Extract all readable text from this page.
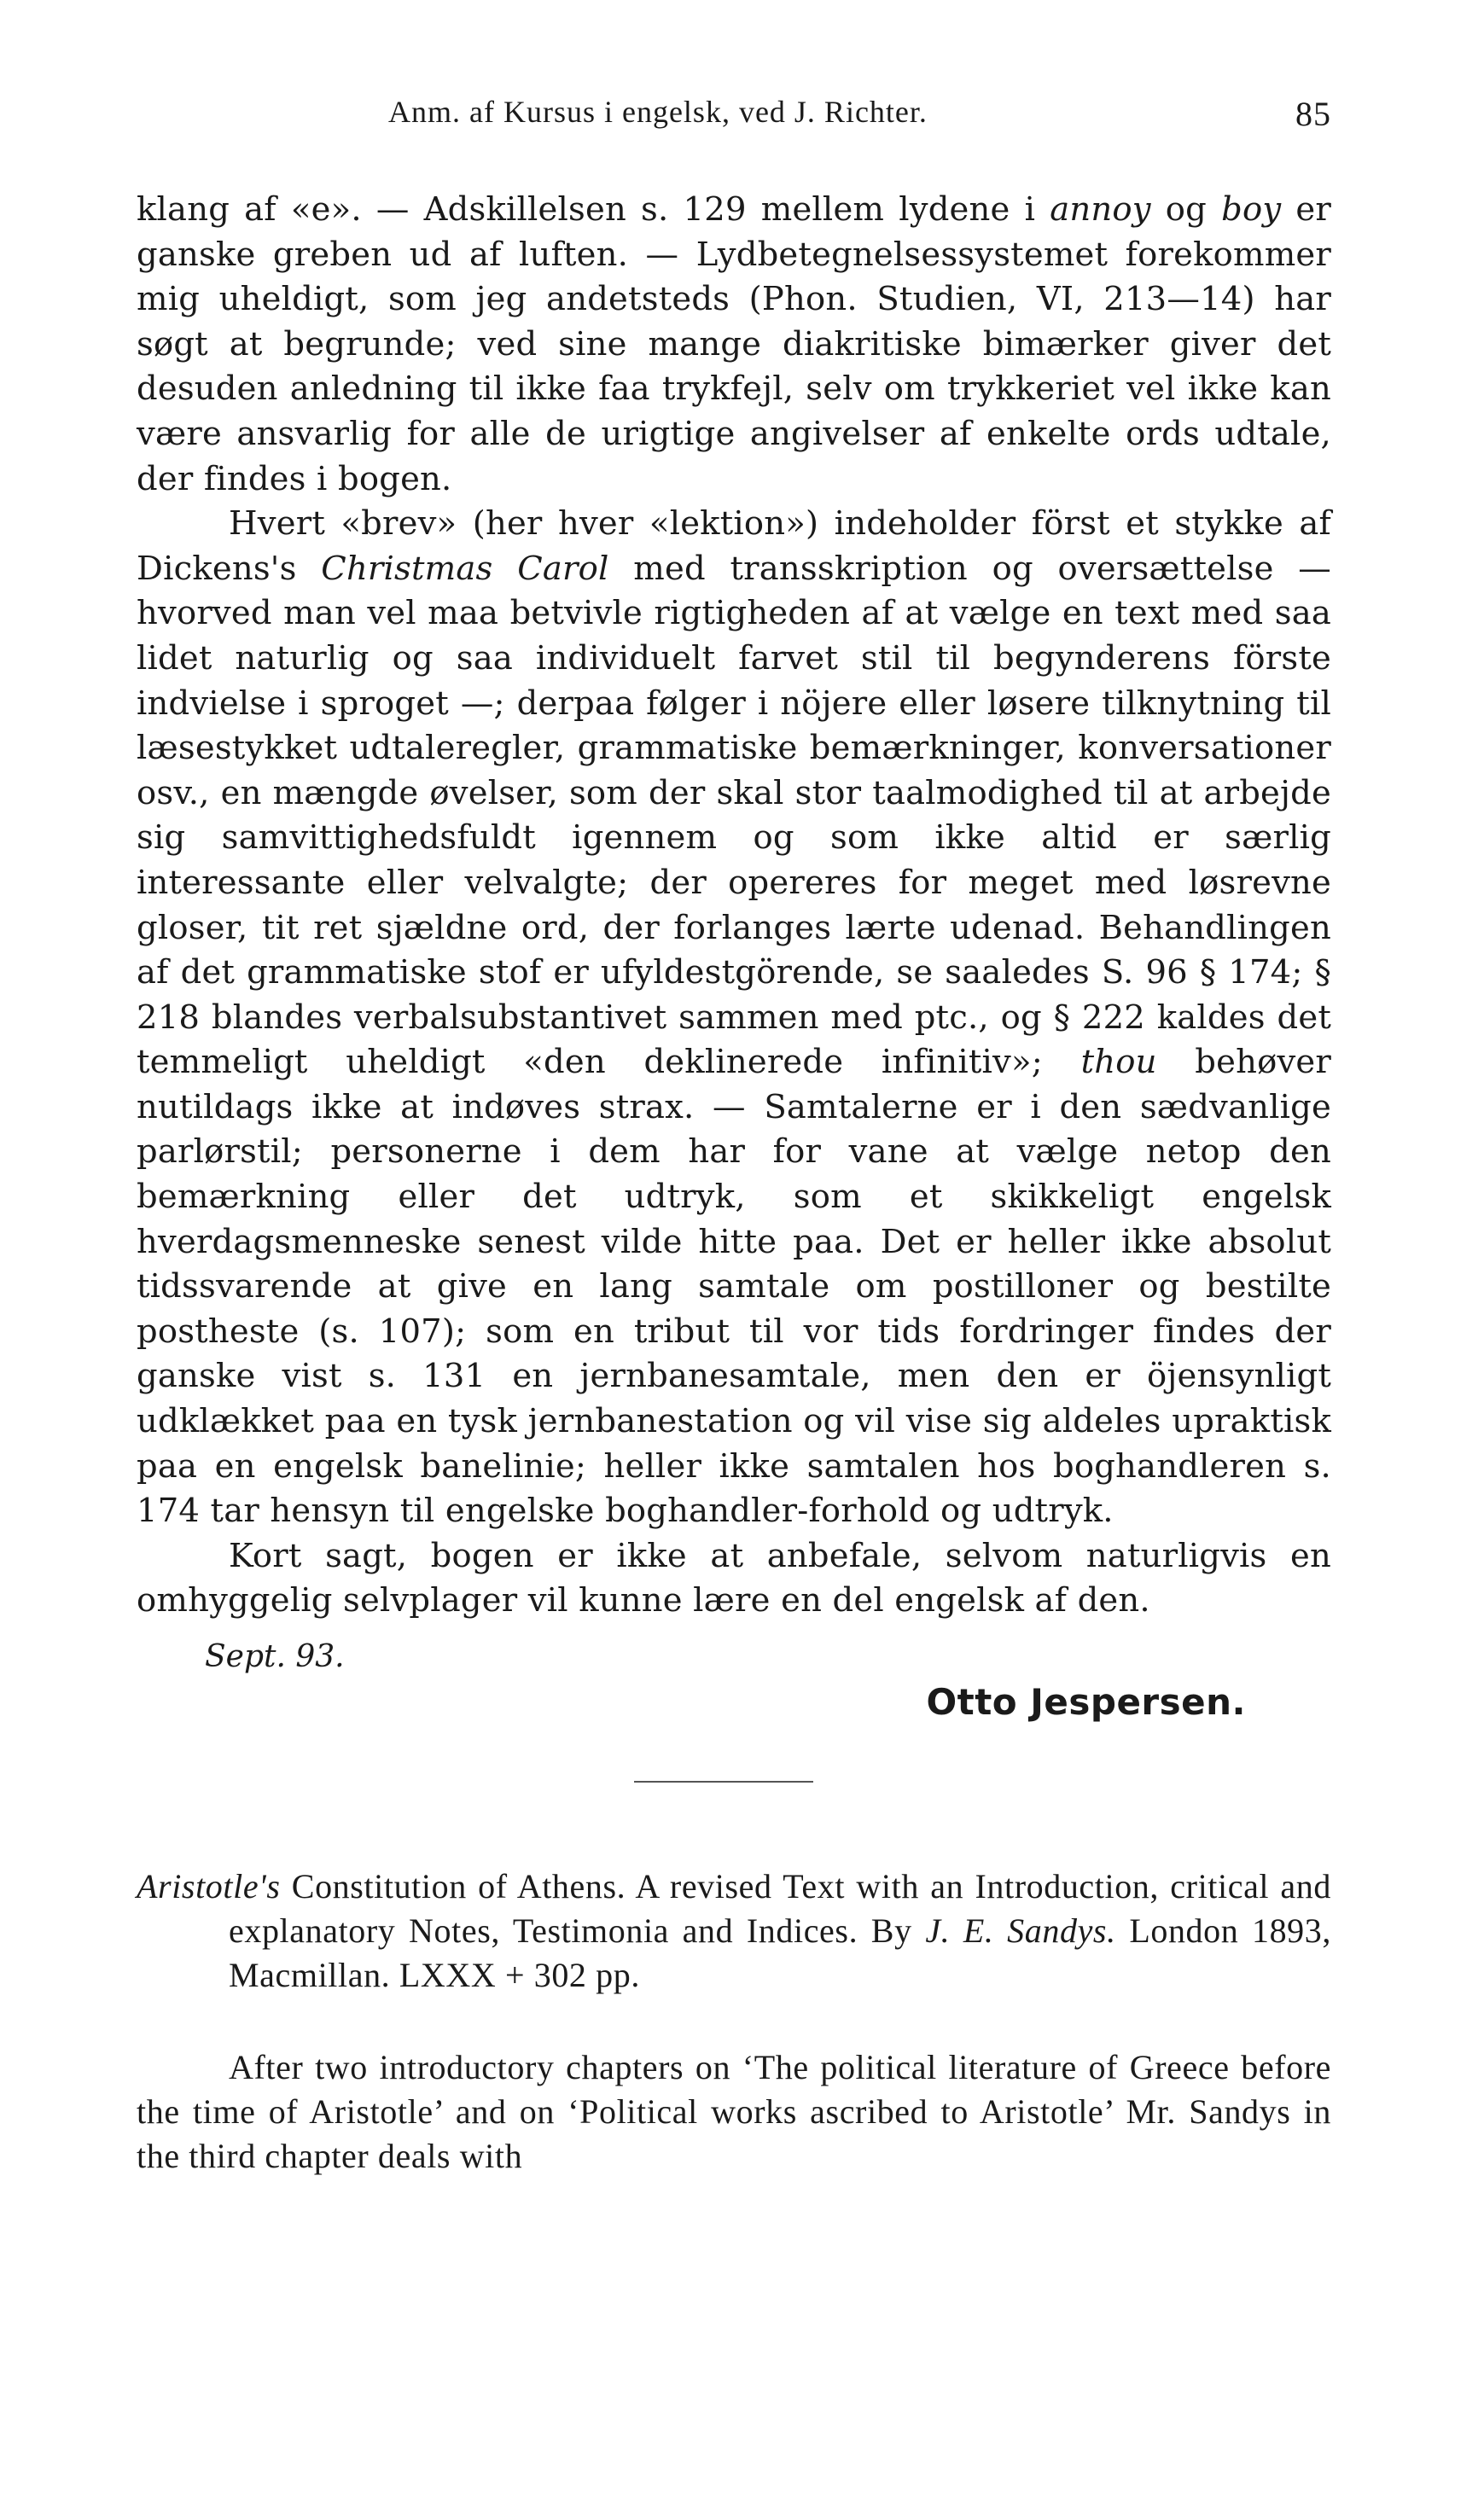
Anm. af Kursus i engelsk, ved J. Richter.	85

klang af «e». — Adskillelsen s. 129 mellem lydene i annoy og boy er ganske greben ud af luften. — Lydbetegnelsessystemet forekommer mig uheldigt, som jeg andetsteds (Phon. Studien, VI, 213—14) har søgt at begrunde; ved sine mange diakritiske bimærker giver det desuden anledning til ikke faa trykfejl, selv om trykkeriet vel ikke kan være ansvarlig for alle de urigtige angivelser af enkelte ords udtale, der findes i bogen.

Hvert «brev» (her hver «lektion») indeholder först et stykke af Dickens's Christmas Carol med transskription og oversættelse — hvorved man vel maa betvivle rigtigheden af at vælge en text med saa lidet naturlig og saa individuelt farvet stil til begynderens förste indvielse i sproget —; derpaa følger i nöjere eller løsere tilknytning til læsestykket udtaleregler, grammatiske bemærkninger, konversationer osv., en mængde øvelser, som der skal stor taalmodighed til at arbejde sig samvittighedsfuldt igennem og som ikke altid er særlig interessante eller velvalgte; der opereres for meget med løsrevne gloser, tit ret sjældne ord, der forlanges lærte udenad. Behandlingen af det grammatiske stof er ufyldestgörende, se saaledes S. 96 § 174; § 218 blandes verbalsubstantivet sammen med ptc., og § 222 kaldes det temmeligt uheldigt «den deklinerede infinitiv»; thou behøver nutildags ikke at indøves strax. — Samtalerne er i den sædvanlige parlørstil; personerne i dem har for vane at vælge netop den bemærkning eller det udtryk, som et skikkeligt engelsk hverdagsmenneske senest vilde hitte paa. Det er heller ikke absolut tidssvarende at give en lang samtale om postilloner og bestilte postheste (s. 107); som en tribut til vor tids fordringer findes der ganske vist s. 131 en jernbanesamtale, men den er öjensynligt udklækket paa en tysk jernbanestation og vil vise sig aldeles upraktisk paa en engelsk banelinie; heller ikke samtalen hos boghandleren s. 174 tar hensyn til engelske boghandler-forhold og udtryk.

Kort sagt, bogen er ikke at anbefale, selvom naturligvis en omhyggelig selvplager vil kunne lære en del engelsk af den.

Sept. 93.
Otto Jespersen.
Aristotle's Constitution of Athens. A revised Text with an Introduction, critical and explanatory Notes, Testimonia and Indices. By J. E. Sandys. London 1893, Macmillan. LXXX + 302 pp.
After two introductory chapters on ‘The political literature of Greece before the time of Aristotle’ and on ‘Political works ascribed to Aristotle’ Mr. Sandys in the third chapter deals with
